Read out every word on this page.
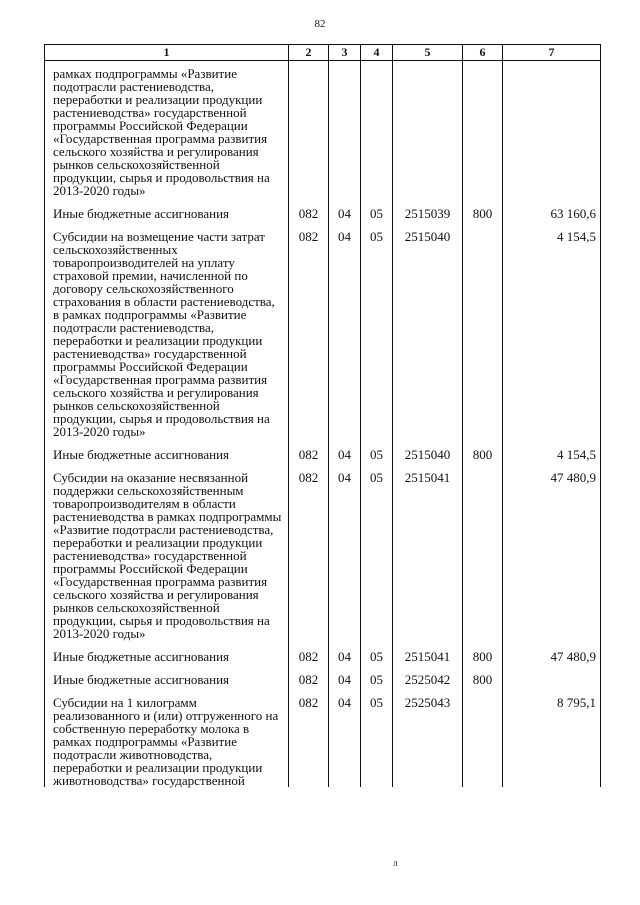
82
1	2	3	4	5	6	7

рамках подпрограммы «Развитие подотрасли растениеводства, переработки и реализации продукции растениеводства» государственной программы Российской Федерации «Государственная программа развития сельского хозяйства и регулирования рынков сельскохозяйственной продукции, сырья и продовольствия на 2013-2020 годы»						

Иные бюджетные ассигнования	082	04	05	2515039	800	63 160,6

Субсидии на возмещение части затрат сельскохозяйственных товаропроизводителей на уплату страховой премии, начисленной по договору сельскохозяйственного страхования в области растениеводства, в рамках подпрограммы «Развитие подотрасли растениеводства, переработки и реализации продукции растениеводства» государственной программы Российской Федерации «Государственная программа развития сельского хозяйства и регулирования рынков сельскохозяйственной продукции, сырья и продовольствия на 2013-2020 годы»	082	04	05	2515040		4 154,5

Иные бюджетные ассигнования	082	04	05	2515040	800	4 154,5

Субсидии на оказание несвязанной поддержки сельскохозяйственным товаропроизводителям в области растениеводства в рамках подпрограммы «Развитие подотрасли растениеводства, переработки и реализации продукции растениеводства» государственной программы Российской Федерации «Государственная программа развития сельского хозяйства и регулирования рынков сельскохозяйственной продукции, сырья и продовольствия на 2013-2020 годы»	082	04	05	2515041		47 480,9

Иные бюджетные ассигнования	082	04	05	2515041	800	47 480,9

Иные бюджетные ассигнования	082	04	05	2525042	800	

Субсидии на 1 килограмм реализованного и (или) отгруженного на собственную переработку молока в рамках подпрограммы «Развитие подотрасли животноводства, переработки и реализации продукции животноводства» государственной	082	04	05	2525043		8 795,1
л
